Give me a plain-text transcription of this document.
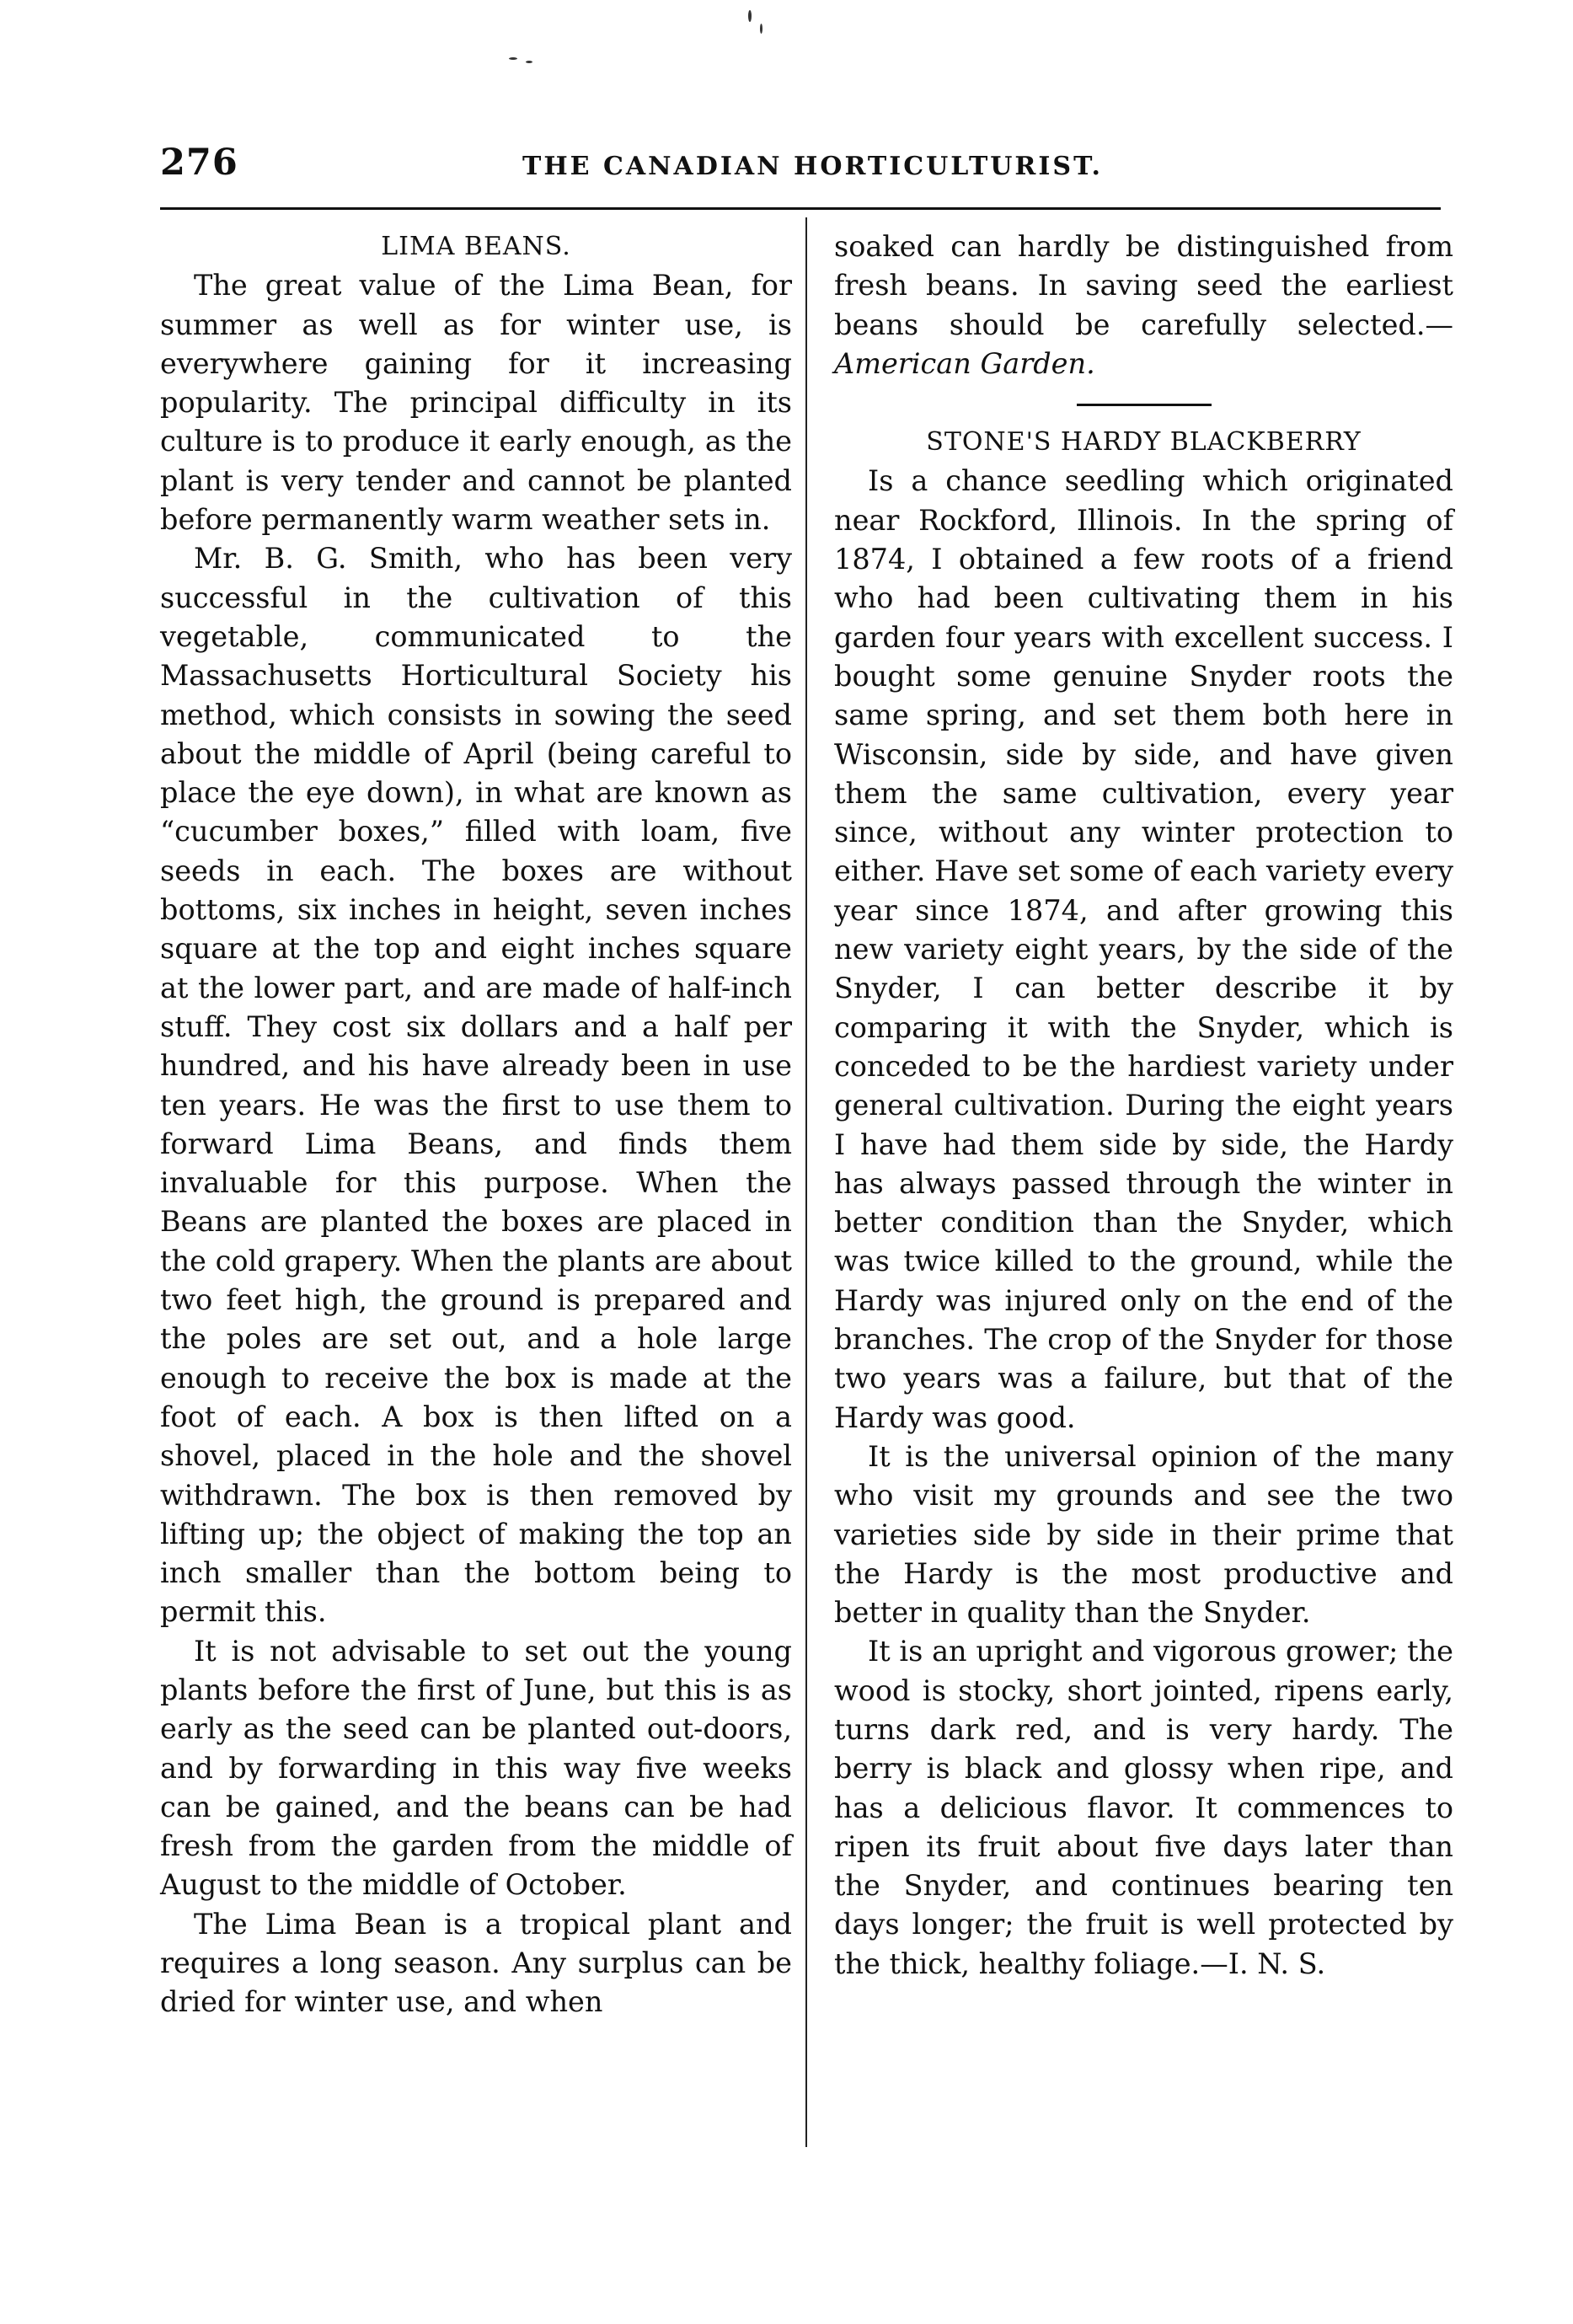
276	THE CANADIAN HORTICULTURIST.

LIMA BEANS.

The great value of the Lima Bean, for summer as well as for winter use, is everywhere gaining for it increasing popularity. The principal difficulty in its culture is to produce it early enough, as the plant is very tender and cannot be planted before permanently warm weather sets in.

Mr. B. G. Smith, who has been very successful in the cultivation of this vegetable, communicated to the Massachusetts Horticultural Society his method, which consists in sowing the seed about the middle of April (being careful to place the eye down), in what are known as “cucumber boxes,” filled with loam, five seeds in each. The boxes are without bottoms, six inches in height, seven inches square at the top and eight inches square at the lower part, and are made of half-inch stuff. They cost six dollars and a half per hundred, and his have already been in use ten years. He was the first to use them to forward Lima Beans, and finds them invaluable for this purpose. When the Beans are planted the boxes are placed in the cold grapery. When the plants are about two feet high, the ground is prepared and the poles are set out, and a hole large enough to receive the box is made at the foot of each. A box is then lifted on a shovel, placed in the hole and the shovel withdrawn. The box is then removed by lifting up; the object of making the top an inch smaller than the bottom being to permit this.

It is not advisable to set out the young plants before the first of June, but this is as early as the seed can be planted out-doors, and by forwarding in this way five weeks can be gained, and the beans can be had fresh from the garden from the middle of August to the middle of October.

The Lima Bean is a tropical plant and requires a long season. Any surplus can be dried for winter use, and when

soaked can hardly be distinguished from fresh beans. In saving seed the earliest beans should be carefully selected.— American Garden.

STONE'S HARDY BLACKBERRY

Is a chance seedling which originated near Rockford, Illinois. In the spring of 1874, I obtained a few roots of a friend who had been cultivating them in his garden four years with excellent success. I bought some genuine Snyder roots the same spring, and set them both here in Wisconsin, side by side, and have given them the same cultivation, every year since, without any winter protection to either. Have set some of each variety every year since 1874, and after growing this new variety eight years, by the side of the Snyder, I can better describe it by comparing it with the Snyder, which is conceded to be the hardiest variety under general cultivation. During the eight years I have had them side by side, the Hardy has always passed through the winter in better condition than the Snyder, which was twice killed to the ground, while the Hardy was injured only on the end of the branches. The crop of the Snyder for those two years was a failure, but that of the Hardy was good.

It is the universal opinion of the many who visit my grounds and see the two varieties side by side in their prime that the Hardy is the most productive and better in quality than the Snyder.

It is an upright and vigorous grower; the wood is stocky, short jointed, ripens early, turns dark red, and is very hardy. The berry is black and glossy when ripe, and has a delicious flavor. It commences to ripen its fruit about five days later than the Snyder, and continues bearing ten days longer; the fruit is well protected by the thick, healthy foliage.—I. N. S.
